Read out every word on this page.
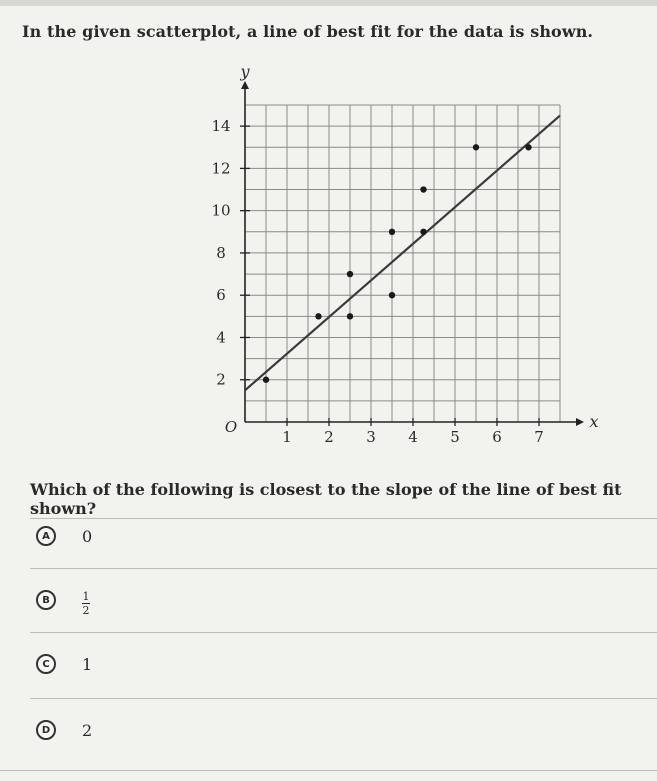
In the given scatterplot, a line of best fit for the data is shown.
x
y
O
1 2 3 4 5 6 7
2
4
6
8
10
12
14
Which of the following is closest to the slope of the line of best fit shown?
A	0
B	$\frac{1}{2}$
C	1
D	2
